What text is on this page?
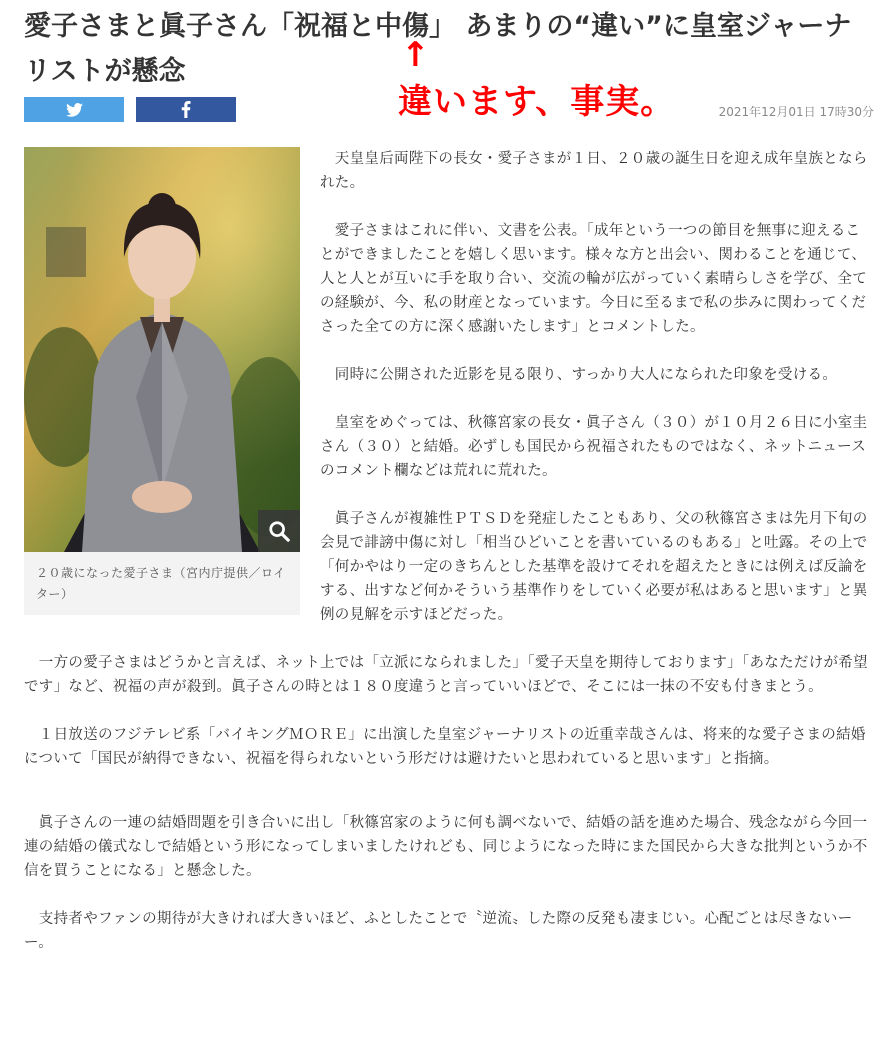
愛子さまと眞子さん「祝福と中傷」 あまりの“違い”に皇室ジャーナリストが懸念	↑
違います、事実。	2021年12月01日 17時30分
２０歳になった愛子さま（宮内庁提供／ロイター）

　天皇皇后両陛下の長女・愛子さまが１日、２０歳の誕生日を迎え成年皇族となられた。

　愛子さまはこれに伴い、文書を公表。「成年という一つの節目を無事に迎えることができましたことを嬉しく思います。様々な方と出会い、関わることを通じて、人と人とが互いに手を取り合い、交流の輪が広がっていく素晴らしさを学び、全ての経験が、今、私の財産となっています。今日に至るまで私の歩みに関わってくださった全ての方に深く感謝いたします」とコメントした。

　同時に公開された近影を見る限り、すっかり大人になられた印象を受ける。

　皇室をめぐっては、秋篠宮家の長女・眞子さん（３０）が１０月２６日に小室圭さん（３０）と結婚。必ずしも国民から祝福されたものではなく、ネットニュースのコメント欄などは荒れに荒れた。

　眞子さんが複雑性ＰＴＳＤを発症したこともあり、父の秋篠宮さまは先月下旬の会見で誹謗中傷に対し「相当ひどいことを書いているのもある」と吐露。その上で「何かやはり一定のきちんとした基準を設けてそれを超えたときには例えば反論をする、出すなど何かそういう基準作りをしていく必要が私はあると思います」と異例の見解を示すほどだった。

　一方の愛子さまはどうかと言えば、ネット上では「立派になられました」「愛子天皇を期待しております」「あなただけが希望です」など、祝福の声が殺到。眞子さんの時とは１８０度違うと言っていいほどで、そこには一抹の不安も付きまとう。

　１日放送のフジテレビ系「バイキングＭＯＲＥ」に出演した皇室ジャーナリストの近重幸哉さんは、将来的な愛子さまの結婚について「国民が納得できない、祝福を得られないという形だけは避けたいと思われていると思います」と指摘。

　眞子さんの一連の結婚問題を引き合いに出し「秋篠宮家のように何も調べないで、結婚の話を進めた場合、残念ながら今回一連の結婚の儀式なしで結婚という形になってしまいましたけれども、同じようになった時にまた国民から大きな批判というか不信を買うことになる」と懸念した。

　支持者やファンの期待が大きければ大きいほど、ふとしたことで〝逆流〟した際の反発も凄まじい。心配ごとは尽きないーー。
